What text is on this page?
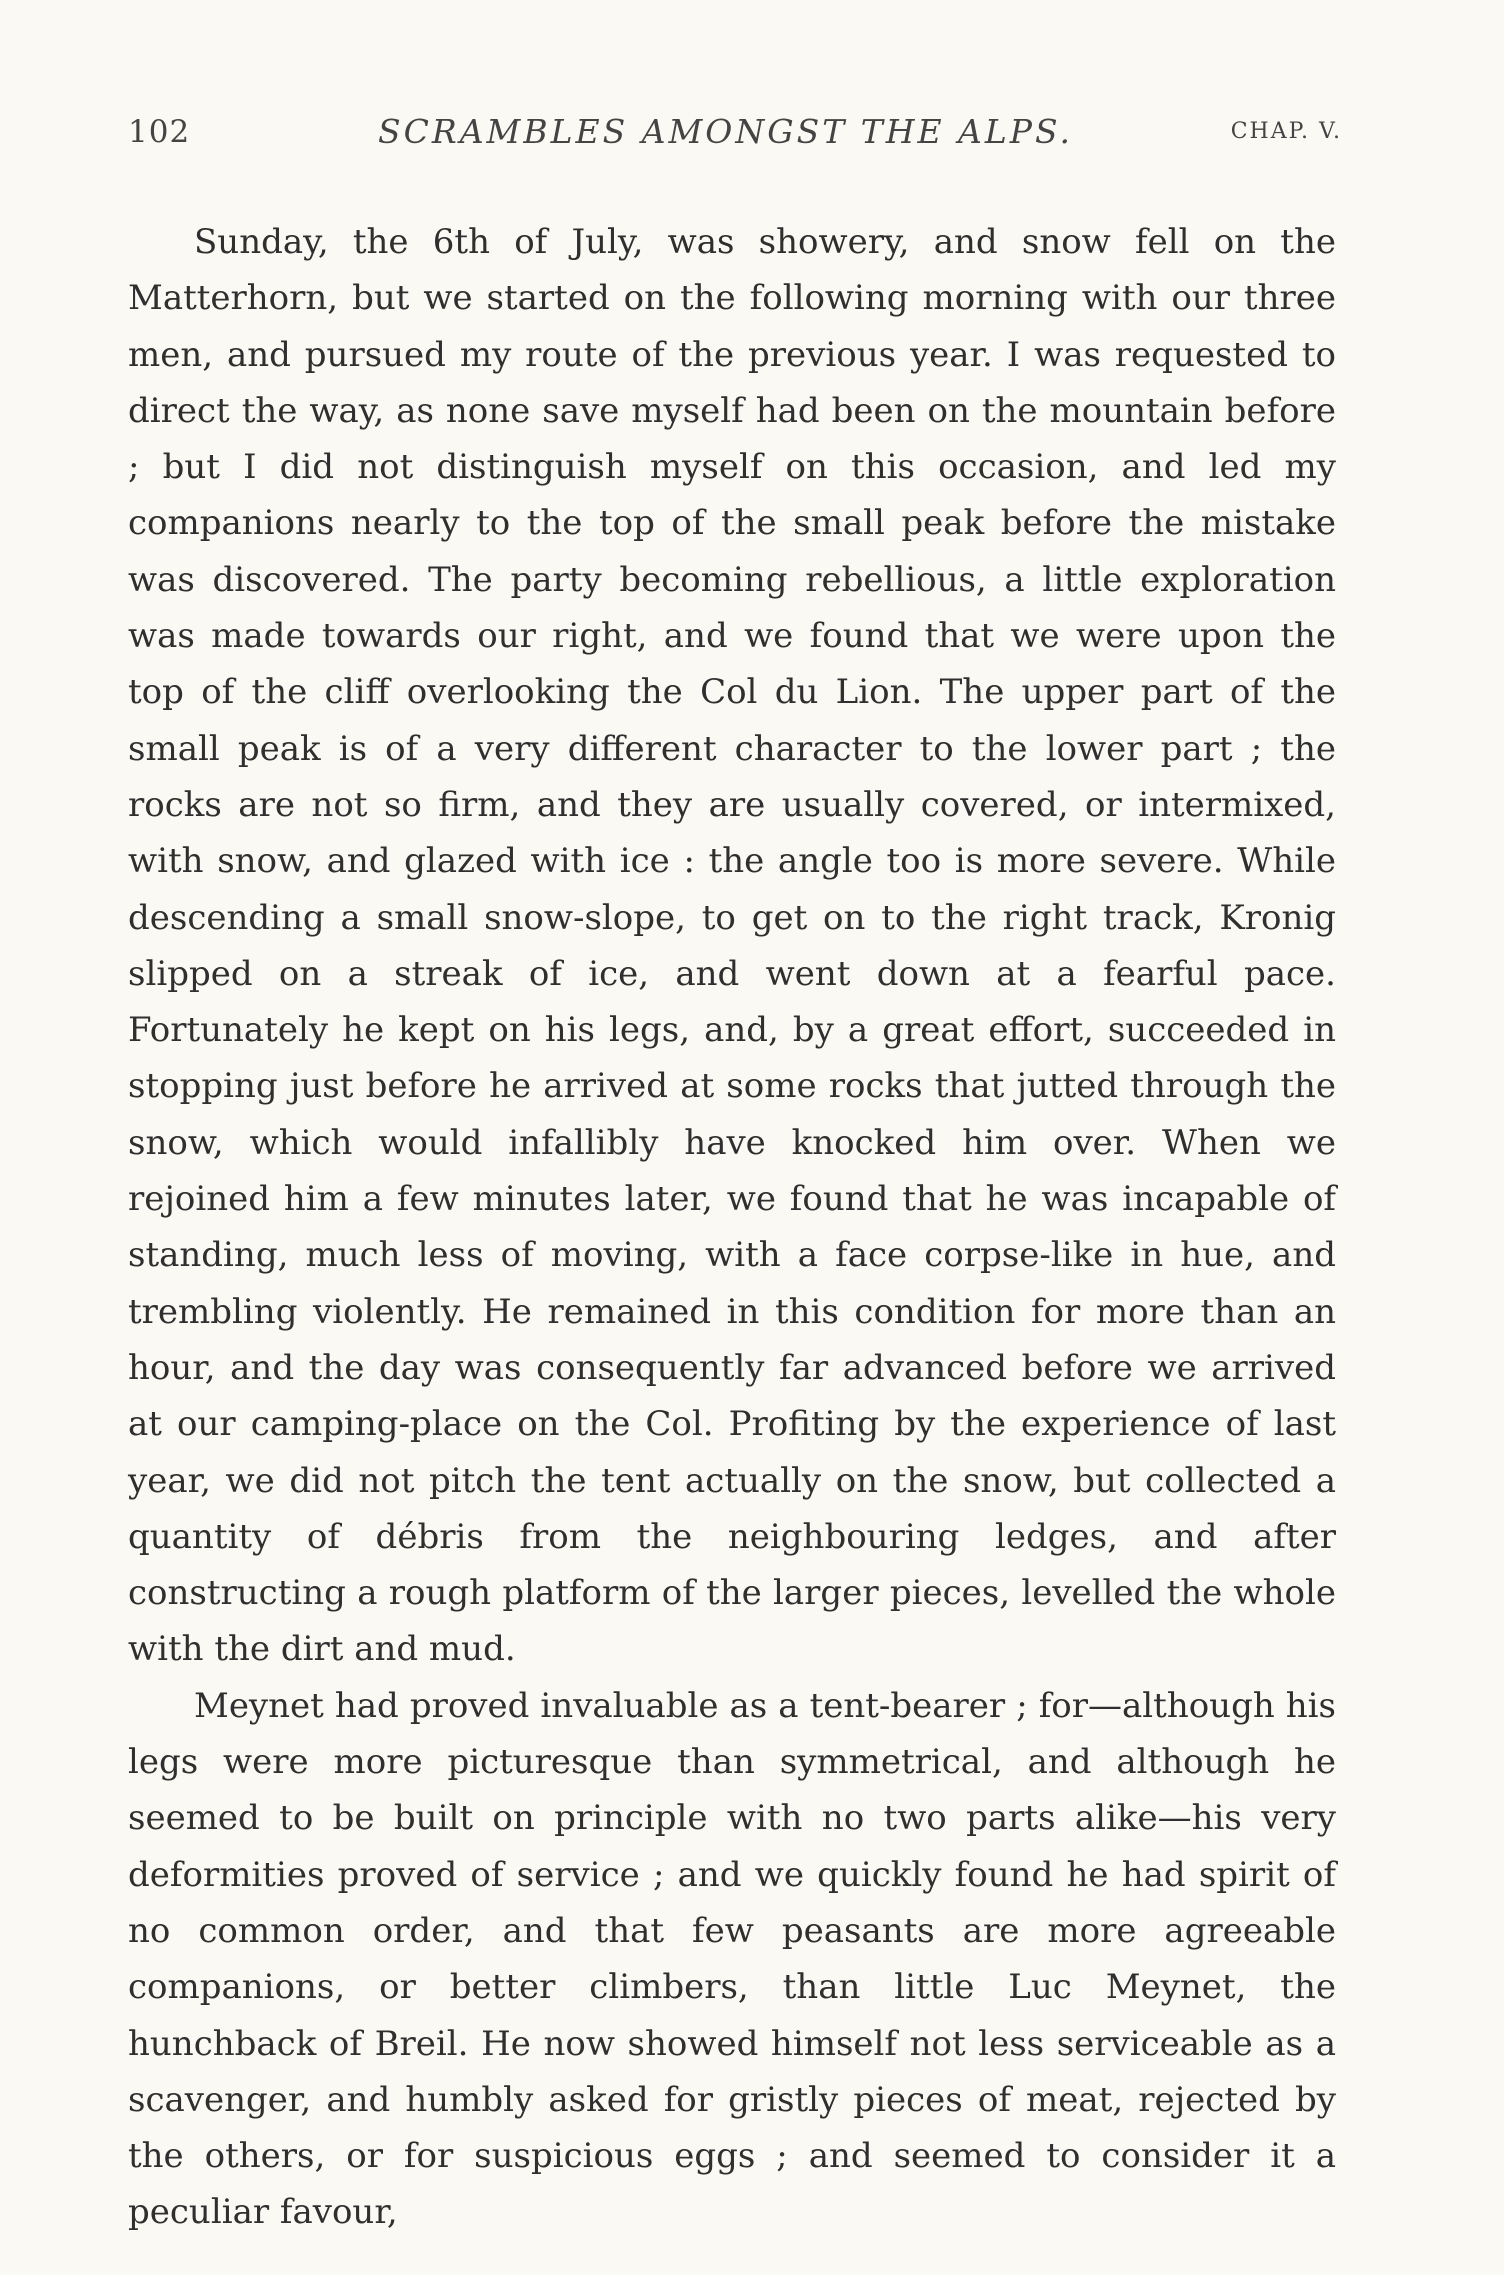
102	SCRAMBLES AMONGST THE ALPS.	CHAP. V.

Sunday, the 6th of July, was showery, and snow fell on the Matterhorn, but we started on the following morning with our three men, and pursued my route of the previous year. I was requested to direct the way, as none save myself had been on the mountain before ; but I did not distinguish myself on this occasion, and led my companions nearly to the top of the small peak before the mistake was discovered. The party becoming rebellious, a little exploration was made towards our right, and we found that we were upon the top of the cliff overlooking the Col du Lion. The upper part of the small peak is of a very different character to the lower part ; the rocks are not so firm, and they are usually covered, or intermixed, with snow, and glazed with ice : the angle too is more severe. While descending a small snow-slope, to get on to the right track, Kronig slipped on a streak of ice, and went down at a fearful pace. Fortunately he kept on his legs, and, by a great effort, succeeded in stopping just before he arrived at some rocks that jutted through the snow, which would infallibly have knocked him over. When we rejoined him a few minutes later, we found that he was incapable of standing, much less of moving, with a face corpse-like in hue, and trembling violently. He remained in this condition for more than an hour, and the day was consequently far advanced before we arrived at our camping-place on the Col. Profiting by the experience of last year, we did not pitch the tent actually on the snow, but collected a quantity of débris from the neighbouring ledges, and after constructing a rough platform of the larger pieces, levelled the whole with the dirt and mud.

Meynet had proved invaluable as a tent-bearer ; for—although his legs were more picturesque than symmetrical, and although he seemed to be built on principle with no two parts alike—his very deformities proved of service ; and we quickly found he had spirit of no common order, and that few peasants are more agreeable companions, or better climbers, than little Luc Meynet, the hunchback of Breil. He now showed himself not less serviceable as a scavenger, and humbly asked for gristly pieces of meat, rejected by the others, or for suspicious eggs ; and seemed to consider it a peculiar favour,
